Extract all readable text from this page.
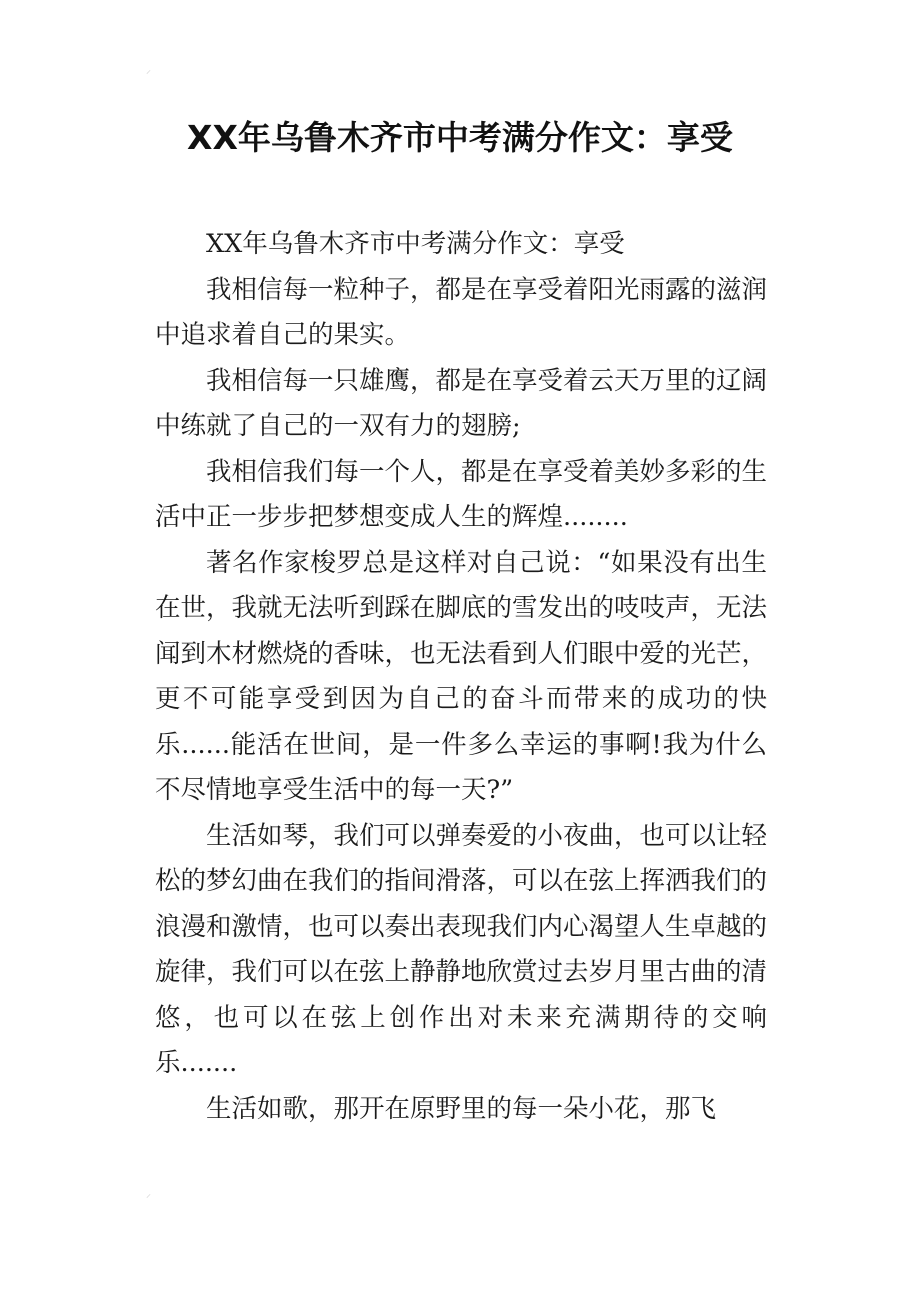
⸝
⸝
XX年乌鲁木齐市中考满分作文：享受

XX年乌鲁木齐市中考满分作文：享受

我相信每一粒种子，都是在享受着阳光雨露的滋润中追求着自己的果实。

我相信每一只雄鹰，都是在享受着云天万里的辽阔中练就了自己的一双有力的翅膀;

我相信我们每一个人，都是在享受着美妙多彩的生活中正一步步把梦想变成人生的辉煌........

著名作家梭罗总是这样对自己说：“如果没有出生在世，我就无法听到踩在脚底的雪发出的吱吱声，无法闻到木材燃烧的香味，也无法看到人们眼中爱的光芒，更不可能享受到因为自己的奋斗而带来的成功的快乐......能活在世间，是一件多么幸运的事啊!我为什么不尽情地享受生活中的每一天?”

生活如琴，我们可以弹奏爱的小夜曲，也可以让轻松的梦幻曲在我们的指间滑落，可以在弦上挥洒我们的浪漫和激情，也可以奏出表现我们内心渴望人生卓越的旋律，我们可以在弦上静静地欣赏过去岁月里古曲的清悠，也可以在弦上创作出对未来充满期待的交响乐.......

生活如歌，那开在原野里的每一朵小花，那飞
